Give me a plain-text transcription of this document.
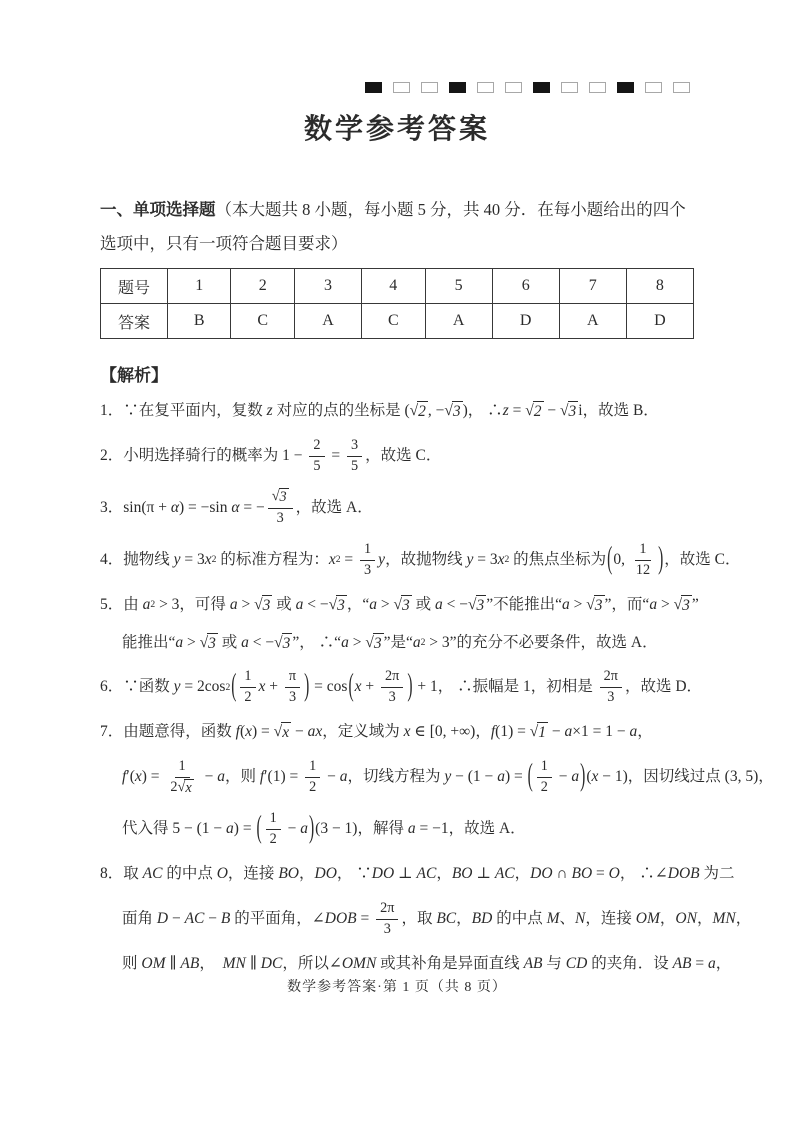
数学参考答案
一、单项选择题（本大题共 8 小题，每小题 5 分，共 40 分．在每小题给出的四个选项中，只有一项符合题目要求）
题号	1	2	3	4	5	6	7	8
答案	B	C	A	C	A	D	A	D
【解析】
1．∵在复平面内，复数 z 对应的点的坐标是 ( √ 2 , − √ 3 )， ∴ z = √ 2 − √ 3 i，故选 B．
2．小明选择骑行的概率为 $1 - \frac{2}{5} = \frac{3}{5}$ ，故选 C．
3．sin(π + α ) = −sin α = − $\frac{√ 3}{3}$ ，故选 A．
4．抛物线 y = 3 x 2 的标准方程为： x $2 = \frac{1}{3}$ y ，故抛物线 y = 3 x 2 的焦点坐标为 ( 0, $\frac{1}{12}$ ) ，故选 C．
5．由 a 2 > 3，可得 a > √ 3 或 a < − √ 3 ，“ a > √ 3 或 a < − √ 3 ”不能推出“ a > √ 3 ”，而“ a > √ 3 ”
能推出“ a > √ 3 或 a < − √ 3 ”， ∴“ a > √ 3 ”是“ a 2 > 3”的充分不必要条件，故选 A．
6．∵函数 y = 2cos 2 ( $\frac{1}{2}$ $x + \frac{\pi}{3}$ ) = cos ( $x + \frac{2\pi}{3}$ ) + 1， ∴振幅是 1，初相是 $\frac{2\pi}{3}$ ，故选 D．
7．由题意得，函数 f ( x ) = √ x − ax ，定义域为 x ∈ [0, +∞)， f (1) = √ 1 − a ×1 = 1 − a ，
f ′( x ) = $\frac{1}{2 √ x} - a$ ，则 f $'(1) = \frac{1}{2} - a$ ，切线方程为 y − (1 − a ) = ( $\frac{1}{2} - a$ ) ( x − 1)，因切线过点 (3, 5)，
代入得 5 − (1 − a ) = ( $\frac{1}{2} - a$ ) (3 − 1)，解得 a = −1，故选 A．
8．取 AC 的中点 O ，连接 BO ， DO ， ∵ DO ⊥ AC ， BO ⊥ AC ， DO ∩ BO = O ， ∴∠ DOB 为二
面角 D − AC − B 的平面角，∠ DOB = $\frac{2\pi}{3}$ ，取 BC ， BD 的中点 M 、 N ，连接 OM ， ON ， MN ，
则 OM ∥ AB ， MN ∥ DC ，所以∠ OMN 或其补角是异面直线 AB 与 CD 的夹角．设 AB = a ，
数学参考答案·第 1 页（共 8 页）
